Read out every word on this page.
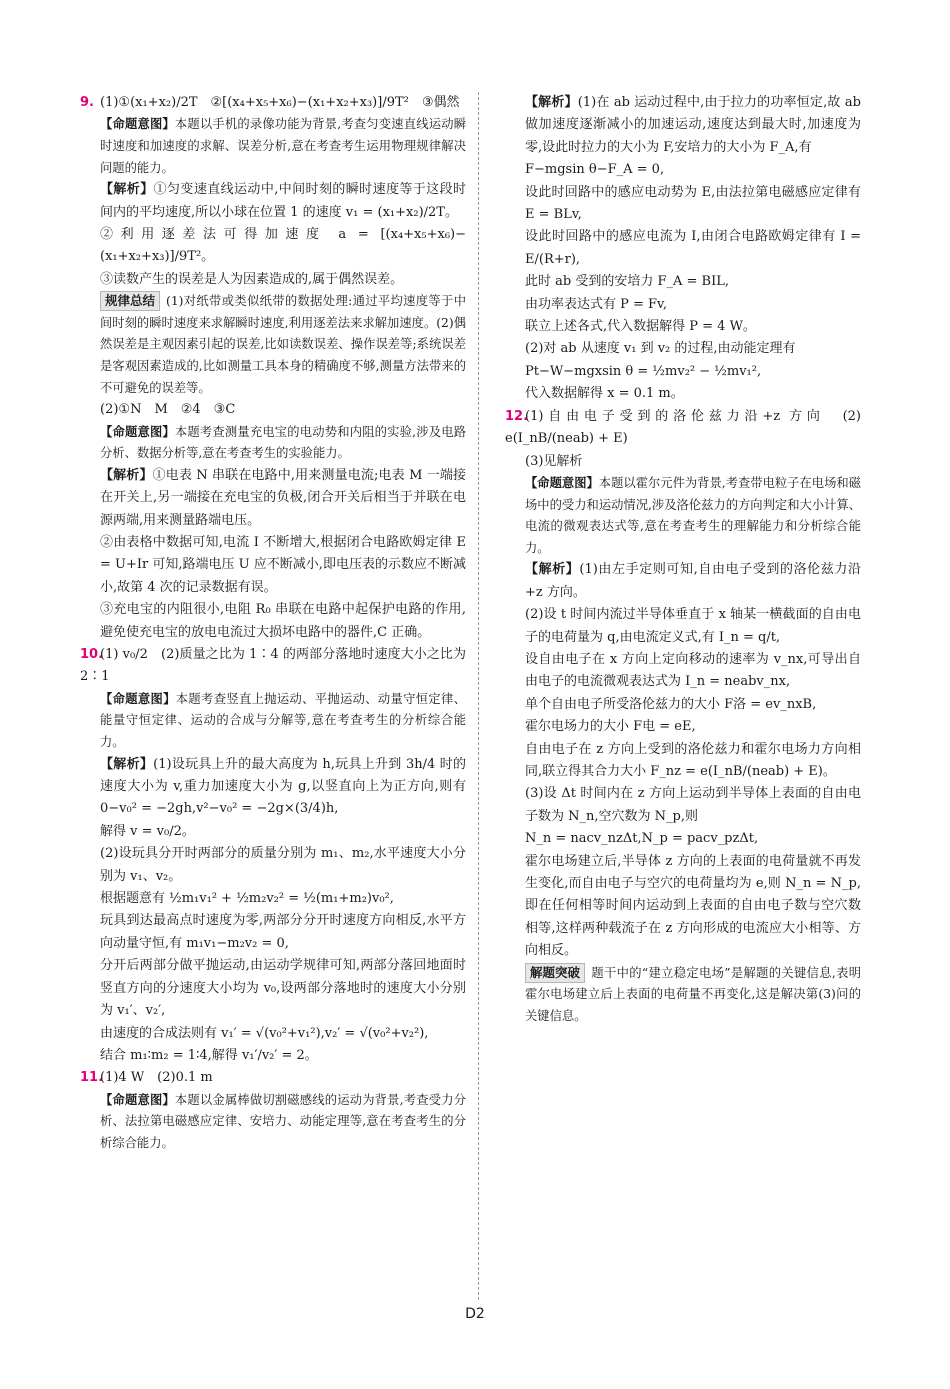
9. (1)①(x₁+x₂)/2T　②[(x₄+x₅+x₆)−(x₁+x₂+x₃)]/9T²　③偶然

【命题意图】本题以手机的录像功能为背景,考查匀变速直线运动瞬时速度和加速度的求解、误差分析,意在考查考生运用物理规律解决问题的能力。

【解析】①匀变速直线运动中,中间时刻的瞬时速度等于这段时间内的平均速度,所以小球在位置 1 的速度 v₁ = (x₁+x₂)/2T。

②利用逐差法可得加速度 a = [(x₄+x₅+x₆)−(x₁+x₂+x₃)]/9T²。

③读数产生的误差是人为因素造成的,属于偶然误差。

规律总结 (1)对纸带或类似纸带的数据处理:通过平均速度等于中间时刻的瞬时速度来求解瞬时速度,利用逐差法来求解加速度。(2)偶然误差是主观因素引起的误差,比如读数误差、操作误差等;系统误差是客观因素造成的,比如测量工具本身的精确度不够,测量方法带来的不可避免的误差等。

(2)①N　M　②4　③C

【命题意图】本题考查测量充电宝的电动势和内阻的实验,涉及电路分析、数据分析等,意在考查考生的实验能力。

【解析】①电表 N 串联在电路中,用来测量电流;电表 M 一端接在开关上,另一端接在充电宝的负极,闭合开关后相当于并联在电源两端,用来测量路端电压。

②由表格中数据可知,电流 I 不断增大,根据闭合电路欧姆定律 E = U+Ir 可知,路端电压 U 应不断减小,即电压表的示数应不断减小,故第 4 次的记录数据有误。

③充电宝的内阻很小,电阻 R₀ 串联在电路中起保护电路的作用,避免使充电宝的放电电流过大损坏电路中的器件,C 正确。

10.(1) v₀/2　(2)质量之比为 1∶4 的两部分落地时速度大小之比为 2∶1

【命题意图】本题考查竖直上抛运动、平抛运动、动量守恒定律、能量守恒定律、运动的合成与分解等,意在考查考生的分析综合能力。

【解析】(1)设玩具上升的最大高度为 h,玩具上升到 3h/4 时的速度大小为 v,重力加速度大小为 g,以竖直向上为正方向,则有 0−v₀² = −2gh,v²−v₀² = −2g×(3/4)h,

解得 v = v₀/2。

(2)设玩具分开时两部分的质量分别为 m₁、m₂,水平速度大小分别为 v₁、v₂。

根据题意有 ½m₁v₁² + ½m₂v₂² = ½(m₁+m₂)v₀²,

玩具到达最高点时速度为零,两部分分开时速度方向相反,水平方向动量守恒,有 m₁v₁−m₂v₂ = 0,

分开后两部分做平抛运动,由运动学规律可知,两部分落回地面时竖直方向的分速度大小均为 v₀,设两部分落地时的速度大小分别为 v₁′、v₂′,

由速度的合成法则有 v₁′ = √(v₀²+v₁²),v₂′ = √(v₀²+v₂²),

结合 m₁∶m₂ = 1∶4,解得 v₁′/v₂′ = 2。

11.(1)4 W　(2)0.1 m

【命题意图】本题以金属棒做切割磁感线的运动为背景,考查受力分析、法拉第电磁感应定律、安培力、动能定理等,意在考查考生的分析综合能力。

【解析】(1)在 ab 运动过程中,由于拉力的功率恒定,故 ab 做加速度逐渐减小的加速运动,速度达到最大时,加速度为零,设此时拉力的大小为 F,安培力的大小为 F_A,有

F−mgsin θ−F_A = 0,

设此时回路中的感应电动势为 E,由法拉第电磁感应定律有 E = BLv,

设此时回路中的感应电流为 I,由闭合电路欧姆定律有 I = E/(R+r),

此时 ab 受到的安培力 F_A = BIL,

由功率表达式有 P = Fv,

联立上述各式,代入数据解得 P = 4 W。

(2)对 ab 从速度 v₁ 到 v₂ 的过程,由动能定理有

Pt−W−mgxsin θ = ½mv₂² − ½mv₁²,

代入数据解得 x = 0.1 m。

12.(1)自由电子受到的洛伦兹力沿+z 方向　(2) e(I_nB/(neab) + E)

(3)见解析

【命题意图】本题以霍尔元件为背景,考查带电粒子在电场和磁场中的受力和运动情况,涉及洛伦兹力的方向判定和大小计算、电流的微观表达式等,意在考查考生的理解能力和分析综合能力。

【解析】(1)由左手定则可知,自由电子受到的洛伦兹力沿+z 方向。

(2)设 t 时间内流过半导体垂直于 x 轴某一横截面的自由电子的电荷量为 q,由电流定义式,有 I_n = q/t,

设自由电子在 x 方向上定向移动的速率为 v_nx,可导出自由电子的电流微观表达式为 I_n = neabv_nx,

单个自由电子所受洛伦兹力的大小 F洛 = ev_nxB,

霍尔电场力的大小 F电 = eE,

自由电子在 z 方向上受到的洛伦兹力和霍尔电场力方向相同,联立得其合力大小 F_nz = e(I_nB/(neab) + E)。

(3)设 Δt 时间内在 z 方向上运动到半导体上表面的自由电子数为 N_n,空穴数为 N_p,则

N_n = nacv_nzΔt,N_p = pacv_pzΔt,

霍尔电场建立后,半导体 z 方向的上表面的电荷量就不再发生变化,而自由电子与空穴的电荷量均为 e,则 N_n = N_p,即在任何相等时间内运动到上表面的自由电子数与空穴数相等,这样两种载流子在 z 方向形成的电流应大小相等、方向相反。

解题突破 题干中的“建立稳定电场”是解题的关键信息,表明霍尔电场建立后上表面的电荷量不再变化,这是解决第(3)问的关键信息。

D2
